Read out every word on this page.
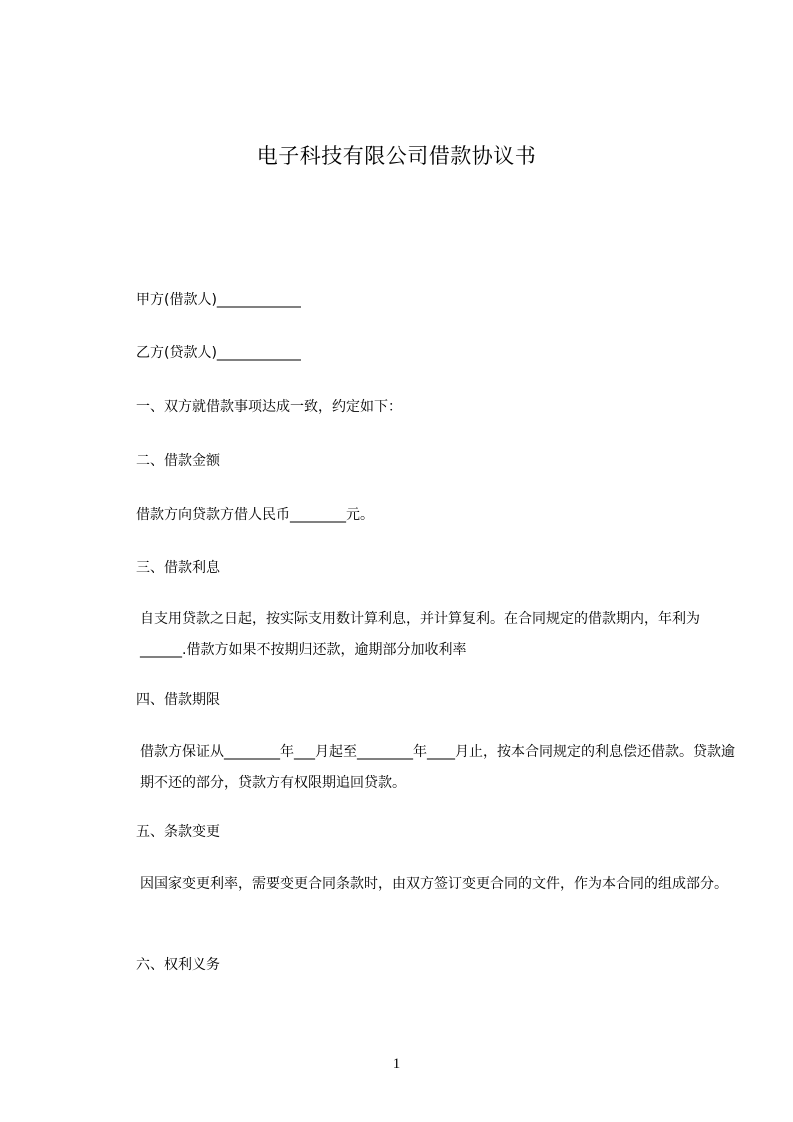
电子科技有限公司借款协议书
甲方(借款人)____________
乙方(贷款人)____________
一、双方就借款事项达成一致，约定如下：
二、借款金额
借款方向贷款方借人民币________元。
三、借款利息
自支用贷款之日起，按实际支用数计算利息，并计算复利。在合同规定的借款期内，年利为______.借款方如果不按期归还款，逾期部分加收利率
四、借款期限
借款方保证从________年___月起至________年____月止，按本合同规定的利息偿还借款。贷款逾期不还的部分，贷款方有权限期追回贷款。
五、条款变更
因国家变更利率，需要变更合同条款时，由双方签订变更合同的文件，作为本合同的组成部分。
六、权利义务
1
